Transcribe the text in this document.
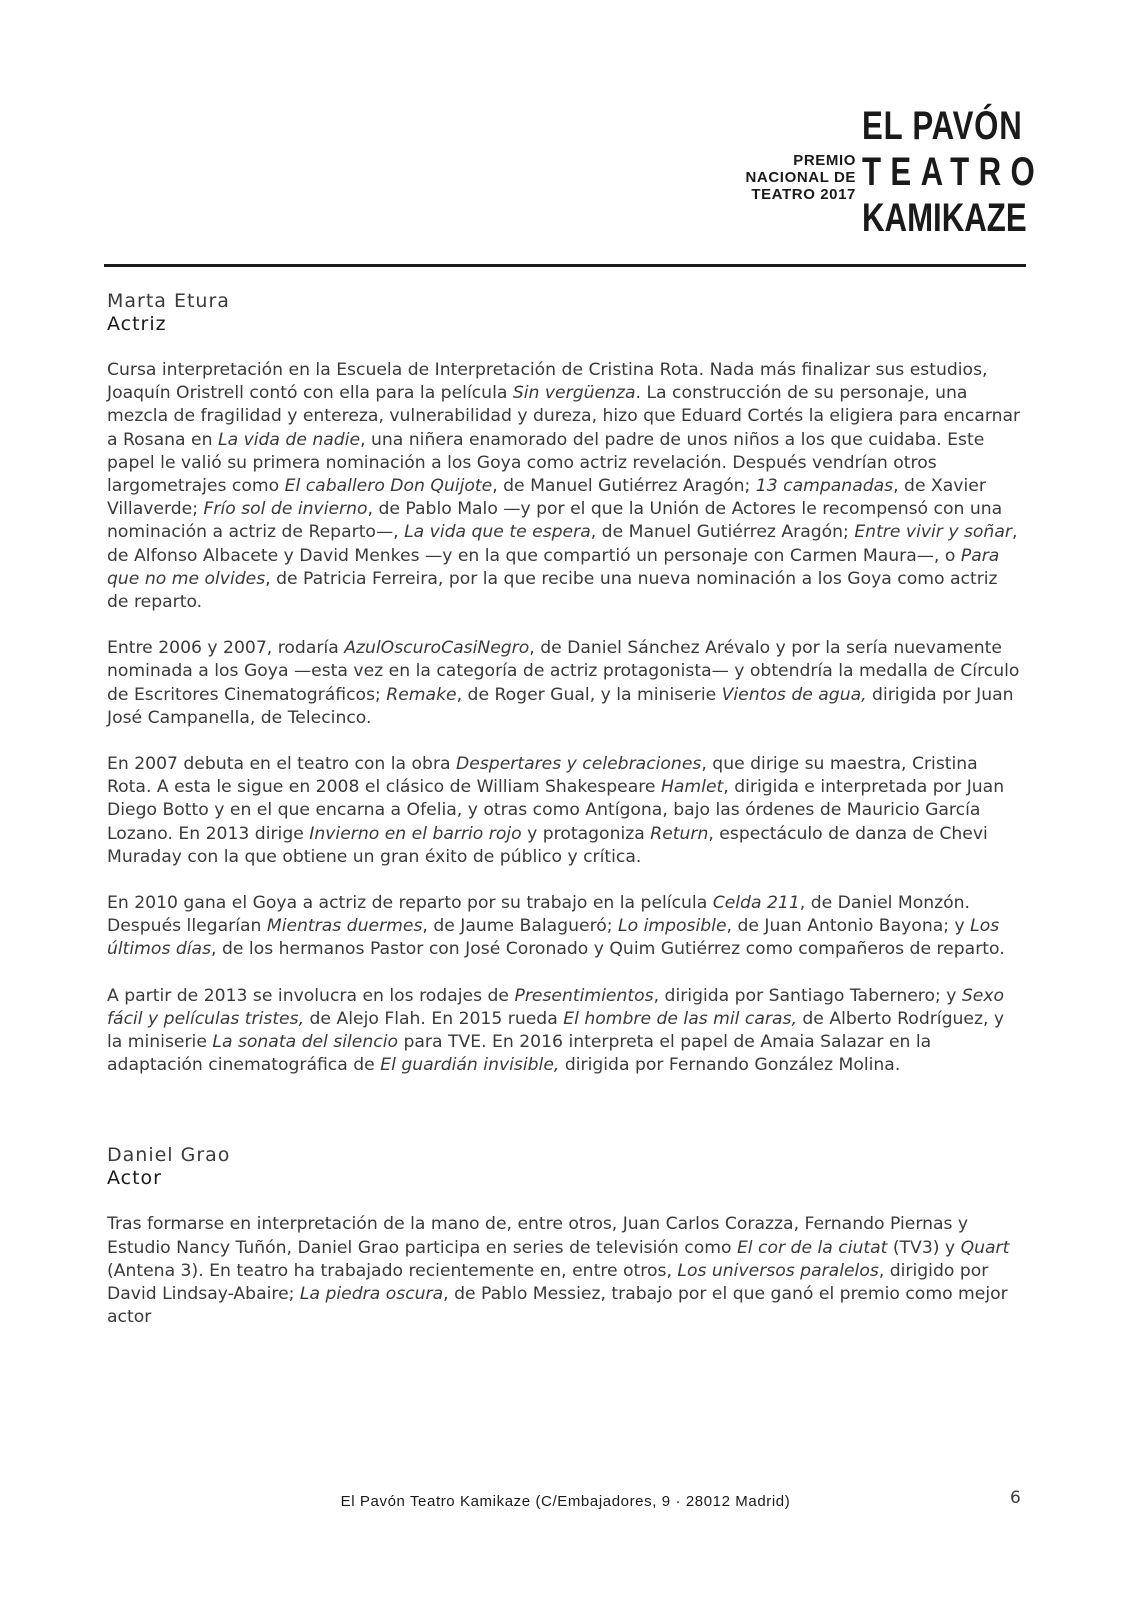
PREMIO
NACIONAL DE
TEATRO 2017
EL PAVÓN
TEATRO
KAMIKAZE
Marta Etura
Actriz

Cursa interpretación en la Escuela de Interpretación de Cristina Rota. Nada más finalizar sus estudios, Joaquín Oristrell contó con ella para la película Sin vergüenza. La construcción de su personaje, una mezcla de fragilidad y entereza, vulnerabilidad y dureza, hizo que Eduard Cortés la eligiera para encarnar a Rosana en La vida de nadie, una niñera enamorado del padre de unos niños a los que cuidaba. Este papel le valió su primera nominación a los Goya como actriz revelación. Después vendrían otros largometrajes como El caballero Don Quijote, de Manuel Gutiérrez Aragón; 13 campanadas, de Xavier Villaverde; Frío sol de invierno, de Pablo Malo —y por el que la Unión de Actores le recompensó con una nominación a actriz de Reparto—, La vida que te espera, de Manuel Gutiérrez Aragón; Entre vivir y soñar, de Alfonso Albacete y David Menkes —y en la que compartió un personaje con Carmen Maura—, o Para que no me olvides, de Patricia Ferreira, por la que recibe una nueva nominación a los Goya como actriz de reparto.

Entre 2006 y 2007, rodaría AzulOscuroCasiNegro, de Daniel Sánchez Arévalo y por la sería nuevamente nominada a los Goya —esta vez en la categoría de actriz protagonista— y obtendría la medalla de Círculo de Escritores Cinematográficos; Remake, de Roger Gual, y la miniserie Vientos de agua, dirigida por Juan José Campanella, de Telecinco.

En 2007 debuta en el teatro con la obra Despertares y celebraciones, que dirige su maestra, Cristina Rota. A esta le sigue en 2008 el clásico de William Shakespeare Hamlet, dirigida e interpretada por Juan Diego Botto y en el que encarna a Ofelia, y otras como Antígona, bajo las órdenes de Mauricio García Lozano. En 2013 dirige Invierno en el barrio rojo y protagoniza Return, espectáculo de danza de Chevi Muraday con la que obtiene un gran éxito de público y crítica.

En 2010 gana el Goya a actriz de reparto por su trabajo en la película Celda 211, de Daniel Monzón. Después llegarían Mientras duermes, de Jaume Balagueró; Lo imposible, de Juan Antonio Bayona; y Los últimos días, de los hermanos Pastor con José Coronado y Quim Gutiérrez como compañeros de reparto.

A partir de 2013 se involucra en los rodajes de Presentimientos, dirigida por Santiago Tabernero; y Sexo fácil y películas tristes, de Alejo Flah. En 2015 rueda El hombre de las mil caras, de Alberto Rodríguez, y la miniserie La sonata del silencio para TVE. En 2016 interpreta el papel de Amaia Salazar en la adaptación cinematográfica de El guardián invisible, dirigida por Fernando González Molina.

Daniel Grao
Actor

Tras formarse en interpretación de la mano de, entre otros, Juan Carlos Corazza, Fernando Piernas y Estudio Nancy Tuñón, Daniel Grao participa en series de televisión como El cor de la ciutat (TV3) y Quart (Antena 3). En teatro ha trabajado recientemente en, entre otros, Los universos paralelos, dirigido por David Lindsay-Abaire; La piedra oscura, de Pablo Messiez, trabajo por el que ganó el premio como mejor actor

El Pavón Teatro Kamikaze (C/Embajadores, 9 · 28012 Madrid)	6
